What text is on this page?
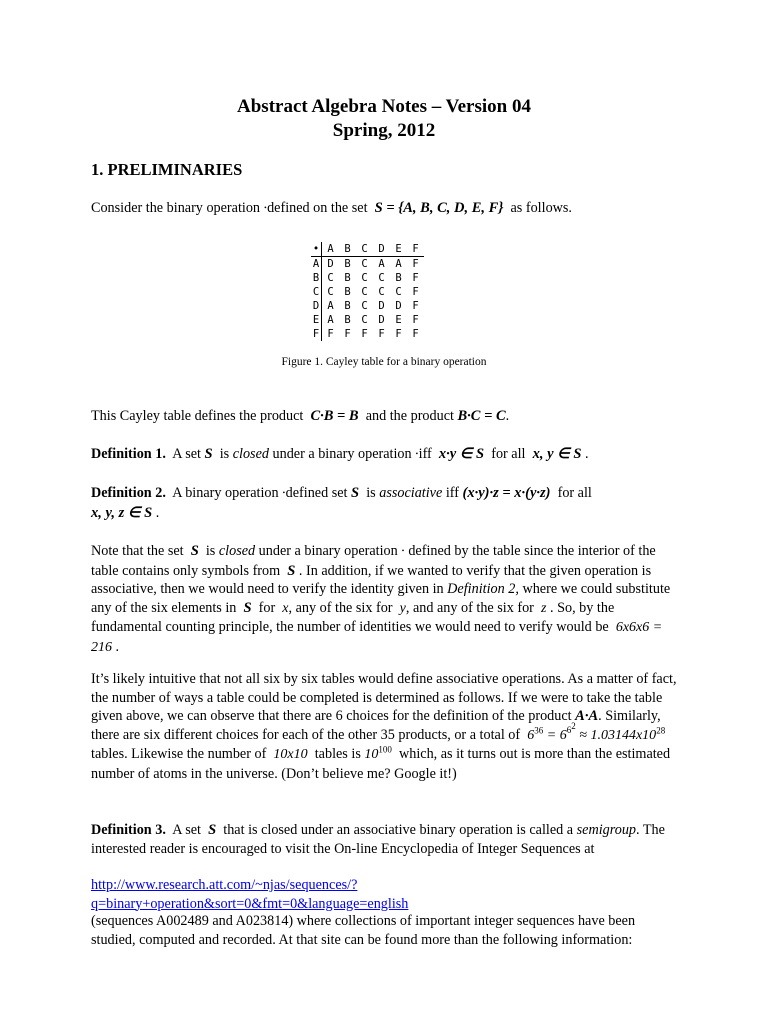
Abstract Algebra Notes – Version 04
Spring, 2012
1. PRELIMINARIES
Consider the binary operation ∙defined on the set S = {A, B, C, D, E, F} as follows.
•	A	B	C	D	E	F
A	D	B	C	A	A	F
B	C	B	C	C	B	F
C	C	B	C	C	C	F
D	A	B	C	D	D	F
E	A	B	C	D	E	F
F	F	F	F	F	F	F
Figure 1. Cayley table for a binary operation
This Cayley table defines the product C∙B = B and the product B∙C = C.
Definition 1. A set S is closed under a binary operation ∙iff x∙y ∈ S for all x, y ∈ S .
Definition 2. A binary operation ∙defined set S is associative iff (x∙y)∙z = x∙(y∙z) for all
x, y, z ∈ S .
Note that the set S is closed under a binary operation ∙ defined by the table since the interior of the table contains only symbols from S . In addition, if we wanted to verify that the given operation is associative, then we would need to verify the identity given in Definition 2, where we could substitute any of the six elements in S for x, any of the six for y, and any of the six for z . So, by the fundamental counting principle, the number of identities we would need to verify would be 6x6x6 = 216 .
It’s likely intuitive that not all six by six tables would define associative operations. As a matter of fact, the number of ways a table could be completed is determined as follows. If we were to take the table given above, we can observe that there are 6 choices for the definition of the product A∙A. Similarly, there are six different choices for each of the other 35 products, or a total of $6^{36} = 6^{6^2} \approx 1.03144x10^{28}$  tables. Likewise the number of 10x10 tables is $10^{100}$ which, as it turns out is more than the estimated number of atoms in the universe. (Don’t believe me? Google it!)
Definition 3. A set S that is closed under an associative binary operation is called a semigroup. The interested reader is encouraged to visit the On-line Encyclopedia of Integer Sequences at
http://www.research.att.com/~njas/sequences/?
q=binary+operation&sort=0&fmt=0&language=english
(sequences A002489 and A023814) where collections of important integer sequences have been studied, computed and recorded. At that site can be found more than the following information:
